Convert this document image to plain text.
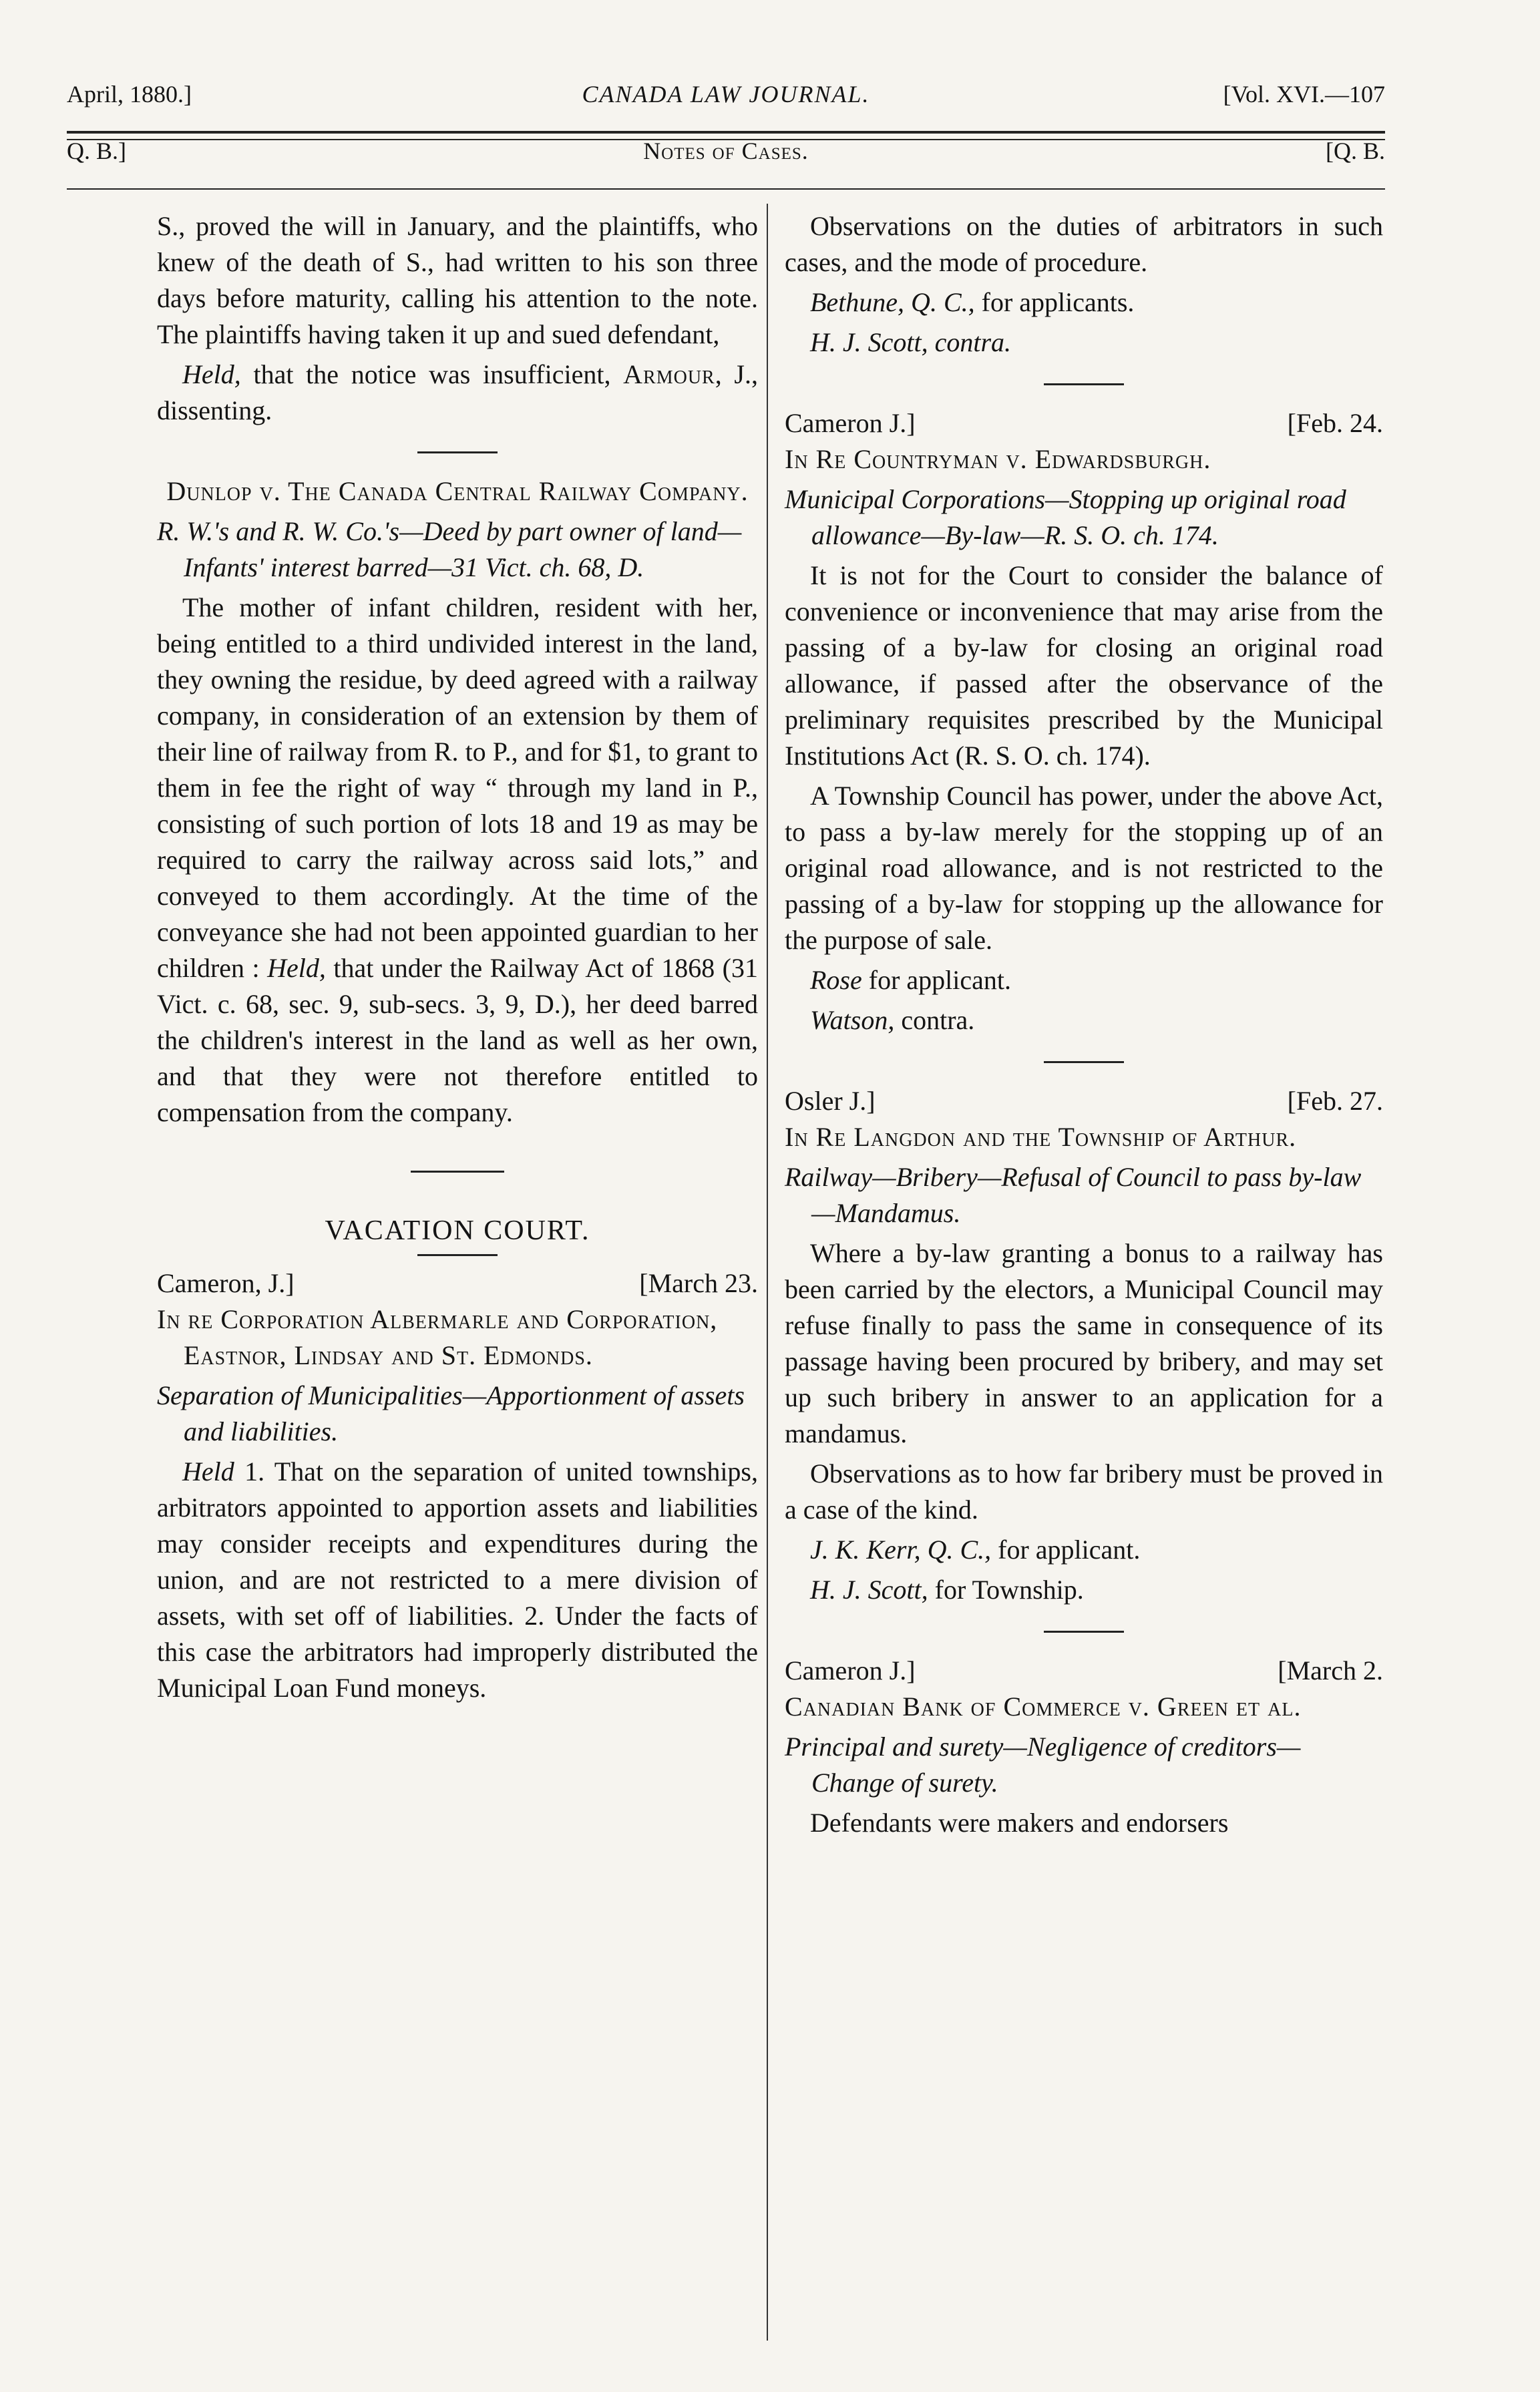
April, 1880.]	CANADA LAW JOURNAL.	[Vol. XVI.—107
Q. B.]	Notes of Cases.	[Q. B.

S., proved the will in January, and the plaintiffs, who knew of the death of S., had written to his son three days before maturity, calling his attention to the note. The plaintiffs having taken it up and sued defendant,

Held, that the notice was insufficient, Armour, J., dissenting.

Dunlop v. The Canada Central Railway Company.

R. W.'s and R. W. Co.'s—Deed by part owner of land—Infants' interest barred—31 Vict. ch. 68, D.

The mother of infant children, resident with her, being entitled to a third undivided interest in the land, they owning the residue, by deed agreed with a railway company, in consideration of an extension by them of their line of railway from R. to P., and for $1, to grant to them in fee the right of way “ through my land in P., consisting of such portion of lots 18 and 19 as may be required to carry the railway across said lots,” and conveyed to them accordingly. At the time of the conveyance she had not been appointed guardian to her children : Held, that under the Railway Act of 1868 (31 Vict. c. 68, sec. 9, sub-secs. 3, 9, D.), her deed barred the children's interest in the land as well as her own, and that they were not therefore entitled to compensation from the company.

VACATION COURT.

Cameron, J.]	[March 23.

In re Corporation Albermarle and Corporation, Eastnor, Lindsay and St. Edmonds.

Separation of Municipalities—Apportionment of assets and liabilities.

Held 1. That on the separation of united townships, arbitrators appointed to apportion assets and liabilities may consider receipts and expenditures during the union, and are not restricted to a mere division of assets, with set off of liabilities. 2. Under the facts of this case the arbitrators had improperly distributed the Municipal Loan Fund moneys.

Observations on the duties of arbitrators in such cases, and the mode of procedure.

Bethune, Q. C., for applicants.

H. J. Scott, contra.

Cameron J.]	[Feb. 24.

In Re Countryman v. Edwardsburgh.

Municipal Corporations—Stopping up original road allowance—By-law—R. S. O. ch. 174.

It is not for the Court to consider the balance of convenience or inconvenience that may arise from the passing of a by-law for closing an original road allowance, if passed after the observance of the preliminary requisites prescribed by the Municipal Institutions Act (R. S. O. ch. 174).

A Township Council has power, under the above Act, to pass a by-law merely for the stopping up of an original road allowance, and is not restricted to the passing of a by-law for stopping up the allowance for the purpose of sale.

Rose for applicant.

Watson, contra.

Osler J.]	[Feb. 27.

In Re Langdon and the Township of Arthur.

Railway—Bribery—Refusal of Council to pass by-law—Mandamus.

Where a by-law granting a bonus to a railway has been carried by the electors, a Municipal Council may refuse finally to pass the same in consequence of its passage having been procured by bribery, and may set up such bribery in answer to an application for a mandamus.

Observations as to how far bribery must be proved in a case of the kind.

J. K. Kerr, Q. C., for applicant.

H. J. Scott, for Township.

Cameron J.]	[March 2.

Canadian Bank of Commerce v. Green et al.

Principal and surety—Negligence of creditors—Change of surety.

Defendants were makers and endorsers
